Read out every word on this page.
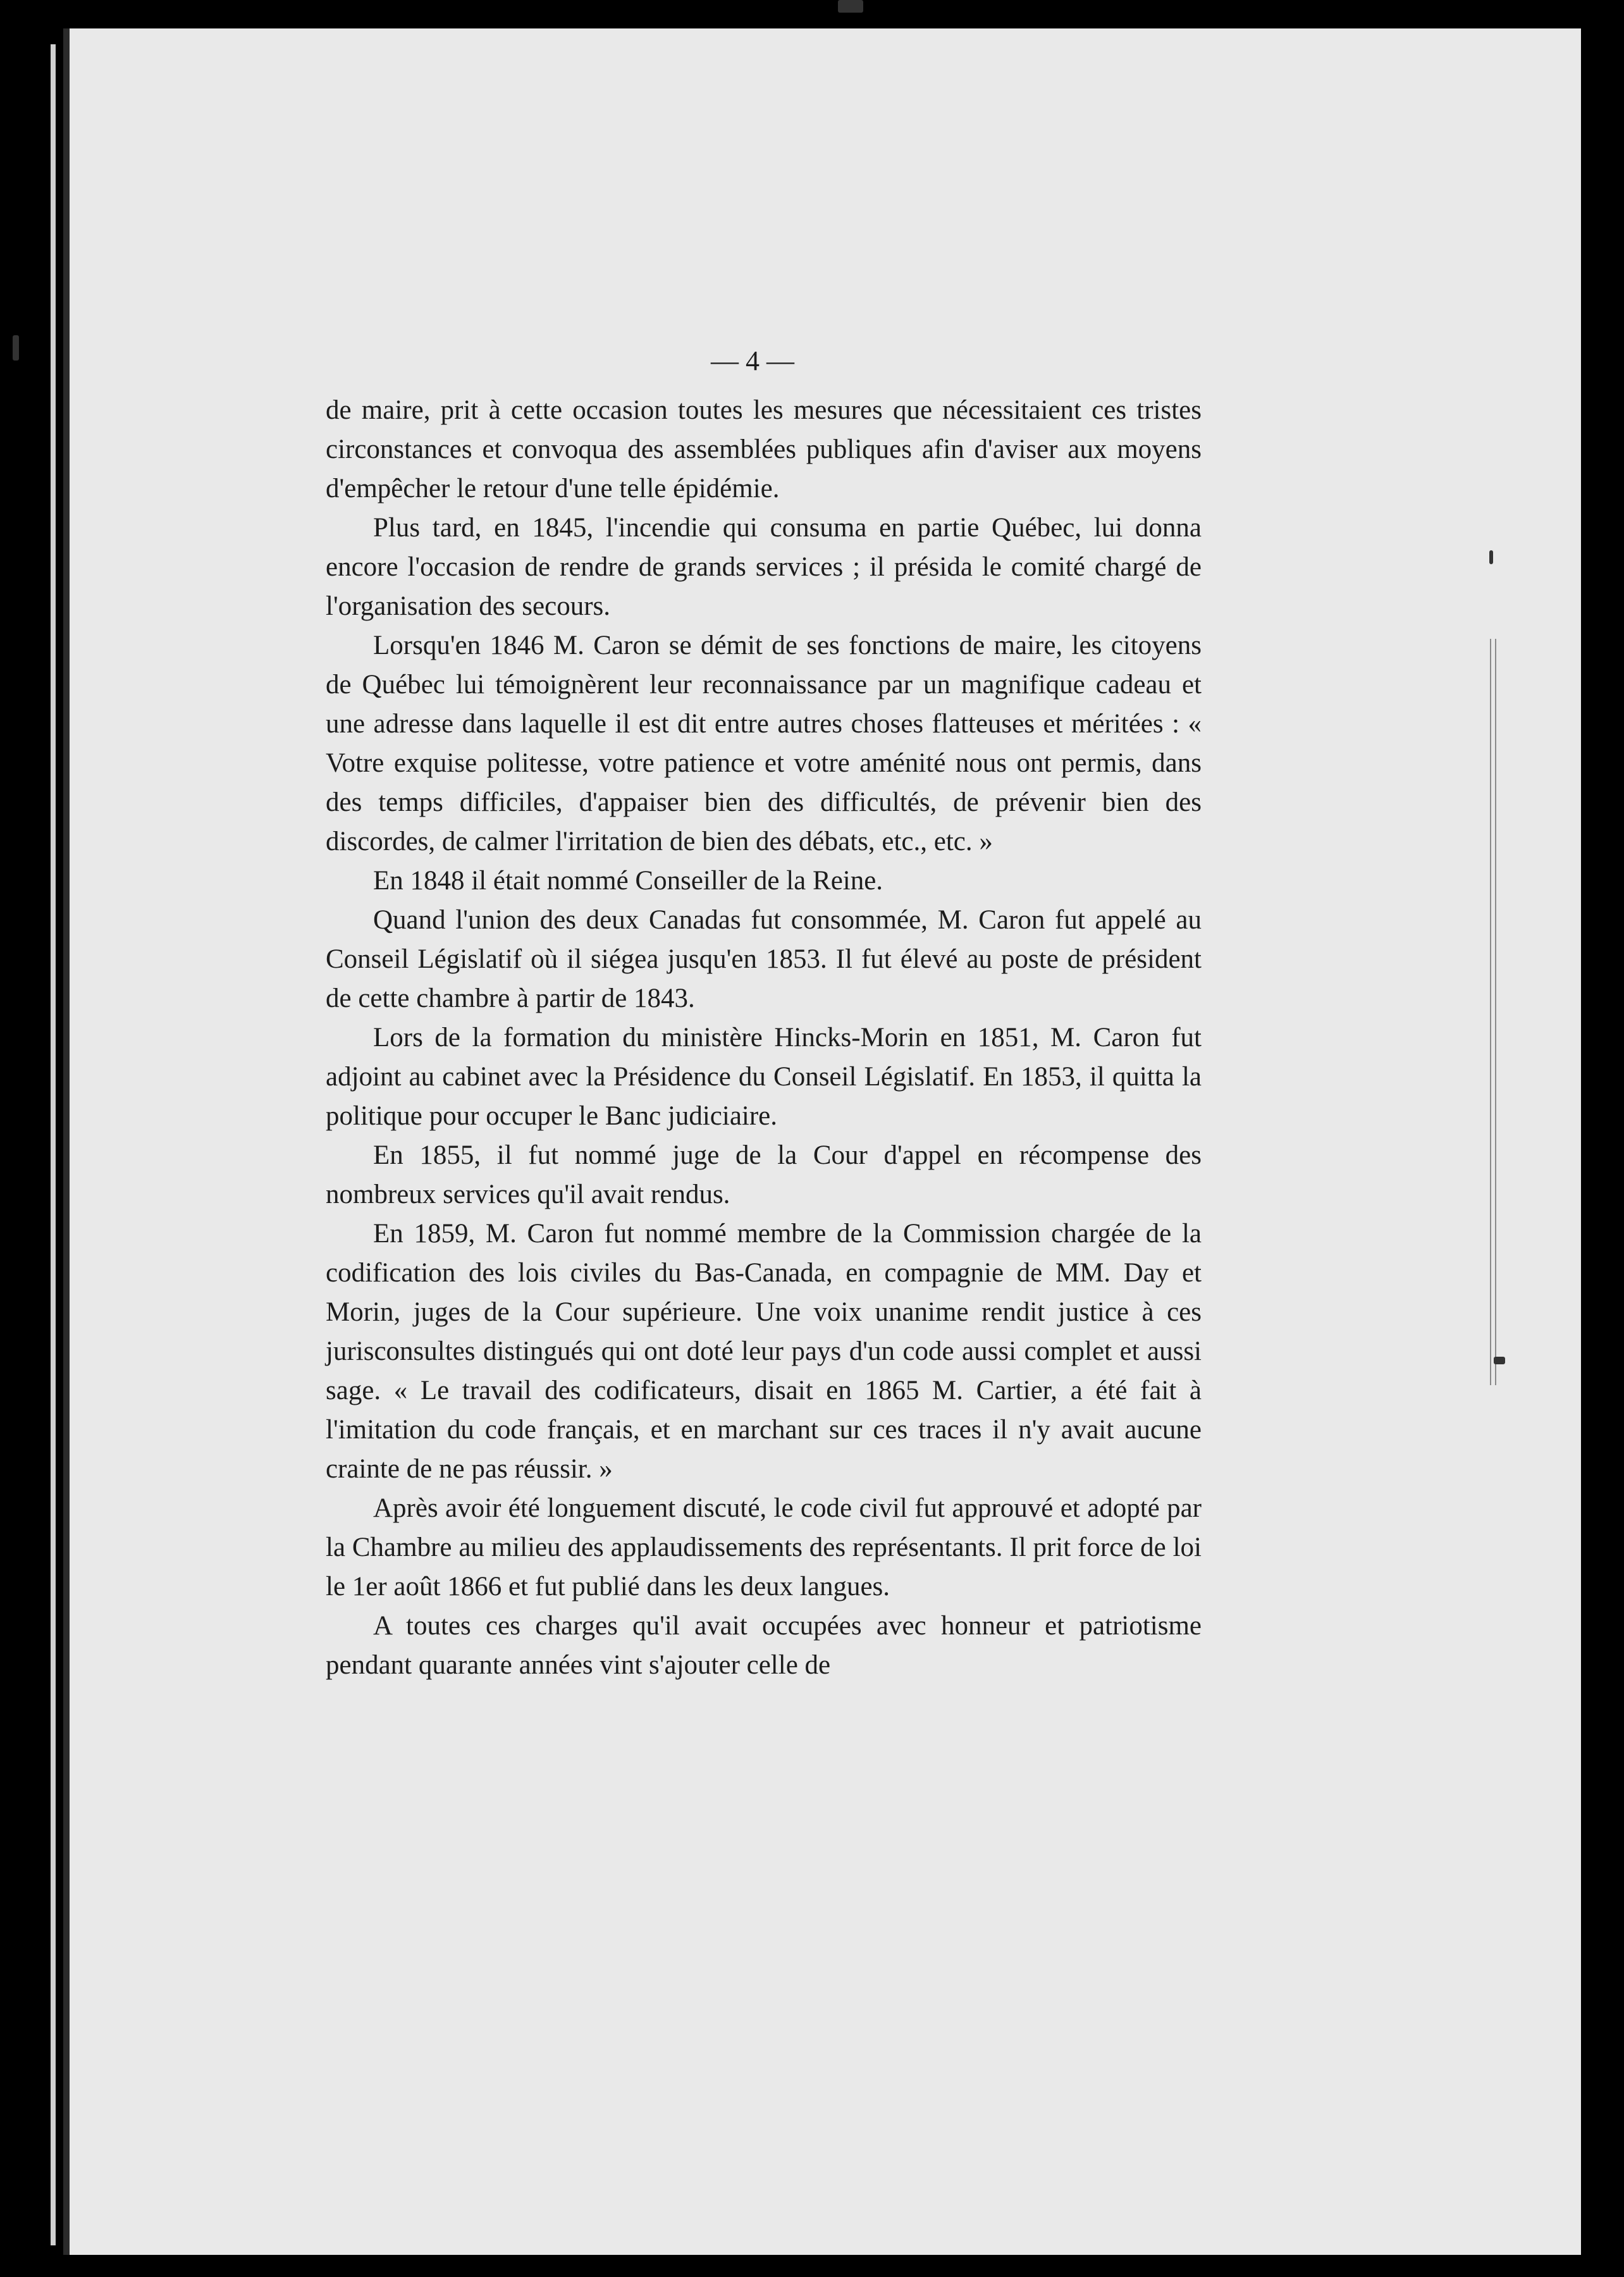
— 4 —

de maire, prit à cette occasion toutes les mesures que nécessitaient ces tristes circonstances et convoqua des assemblées publiques afin d'aviser aux moyens d'empêcher le retour d'une telle épidémie.

Plus tard, en 1845, l'incendie qui consuma en partie Québec, lui donna encore l'occasion de rendre de grands services ; il présida le comité chargé de l'organisation des secours.

Lorsqu'en 1846 M. Caron se démit de ses fonctions de maire, les citoyens de Québec lui témoignèrent leur reconnaissance par un magnifique cadeau et une adresse dans laquelle il est dit entre autres choses flatteuses et méritées : « Votre exquise politesse, votre patience et votre aménité nous ont permis, dans des temps difficiles, d'appaiser bien des difficultés, de prévenir bien des discordes, de calmer l'irritation de bien des débats, etc., etc. »

En 1848 il était nommé Conseiller de la Reine.

Quand l'union des deux Canadas fut consommée, M. Caron fut appelé au Conseil Législatif où il siégea jusqu'en 1853. Il fut élevé au poste de président de cette chambre à partir de 1843.

Lors de la formation du ministère Hincks-Morin en 1851, M. Caron fut adjoint au cabinet avec la Présidence du Conseil Législatif. En 1853, il quitta la politique pour occuper le Banc judiciaire.

En 1855, il fut nommé juge de la Cour d'appel en récompense des nombreux services qu'il avait rendus.

En 1859, M. Caron fut nommé membre de la Commission chargée de la codification des lois civiles du Bas-Canada, en compagnie de MM. Day et Morin, juges de la Cour supérieure. Une voix unanime rendit justice à ces jurisconsultes distingués qui ont doté leur pays d'un code aussi complet et aussi sage. « Le travail des codificateurs, disait en 1865 M. Cartier, a été fait à l'imitation du code français, et en marchant sur ces traces il n'y avait aucune crainte de ne pas réussir. »

Après avoir été longuement discuté, le code civil fut approuvé et adopté par la Chambre au milieu des applaudissements des représentants. Il prit force de loi le 1er août 1866 et fut publié dans les deux langues.

A toutes ces charges qu'il avait occupées avec honneur et patriotisme pendant quarante années vint s'ajouter celle de
